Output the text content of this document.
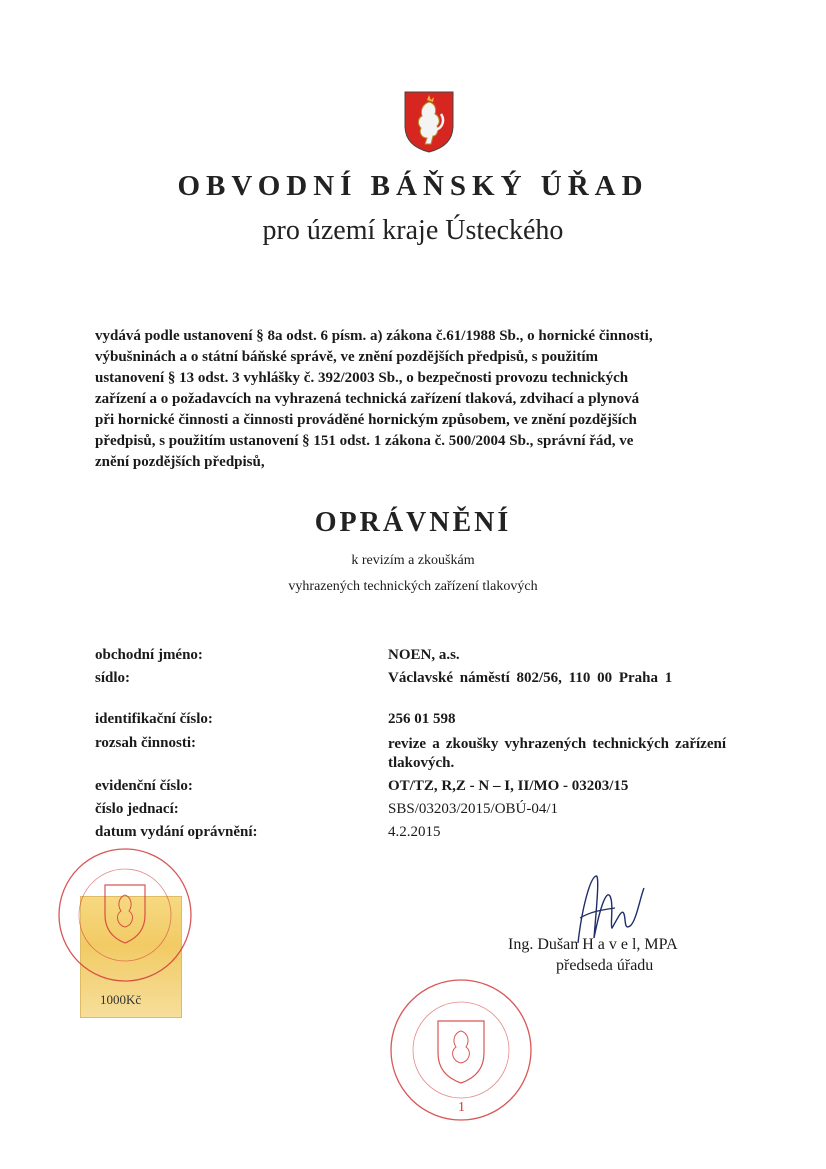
OBVODNÍ BÁŇSKÝ ÚŘAD
pro území kraje Ústeckého
vydává podle ustanovení § 8a odst. 6 písm. a) zákona č.61/1988 Sb., o hornické činnosti,
výbušninách a o státní báňské správě, ve znění pozdějších předpisů, s použitím
ustanovení § 13 odst. 3 vyhlášky č. 392/2003 Sb., o bezpečnosti provozu technických
zařízení a o požadavcích na vyhrazená technická zařízení tlaková, zdvihací a plynová
při hornické činnosti a činnosti prováděné hornickým způsobem, ve znění pozdějších
předpisů, s použitím ustanovení § 151 odst. 1 zákona č. 500/2004 Sb., správní řád, ve
znění pozdějších předpisů,
OPRÁVNĚNÍ
k revizím a zkouškám
vyhrazených technických zařízení tlakových
obchodní jméno:	NOEN, a.s.
sídlo:	Václavské náměstí 802/56, 110 00 Praha 1
identifikační číslo:	256 01 598
rozsah činnosti:	revize a zkoušky vyhrazených technických zařízení tlakových.
evidenční číslo:	OT/TZ, R,Z - N – I, II/MO - 03203/15
číslo jednací:	SBS/03203/2015/OBÚ-04/1
datum vydání oprávnění:	4.2.2015
1000Kč
Ing. Dušan H a v e l, MPA
předseda úřadu
1
